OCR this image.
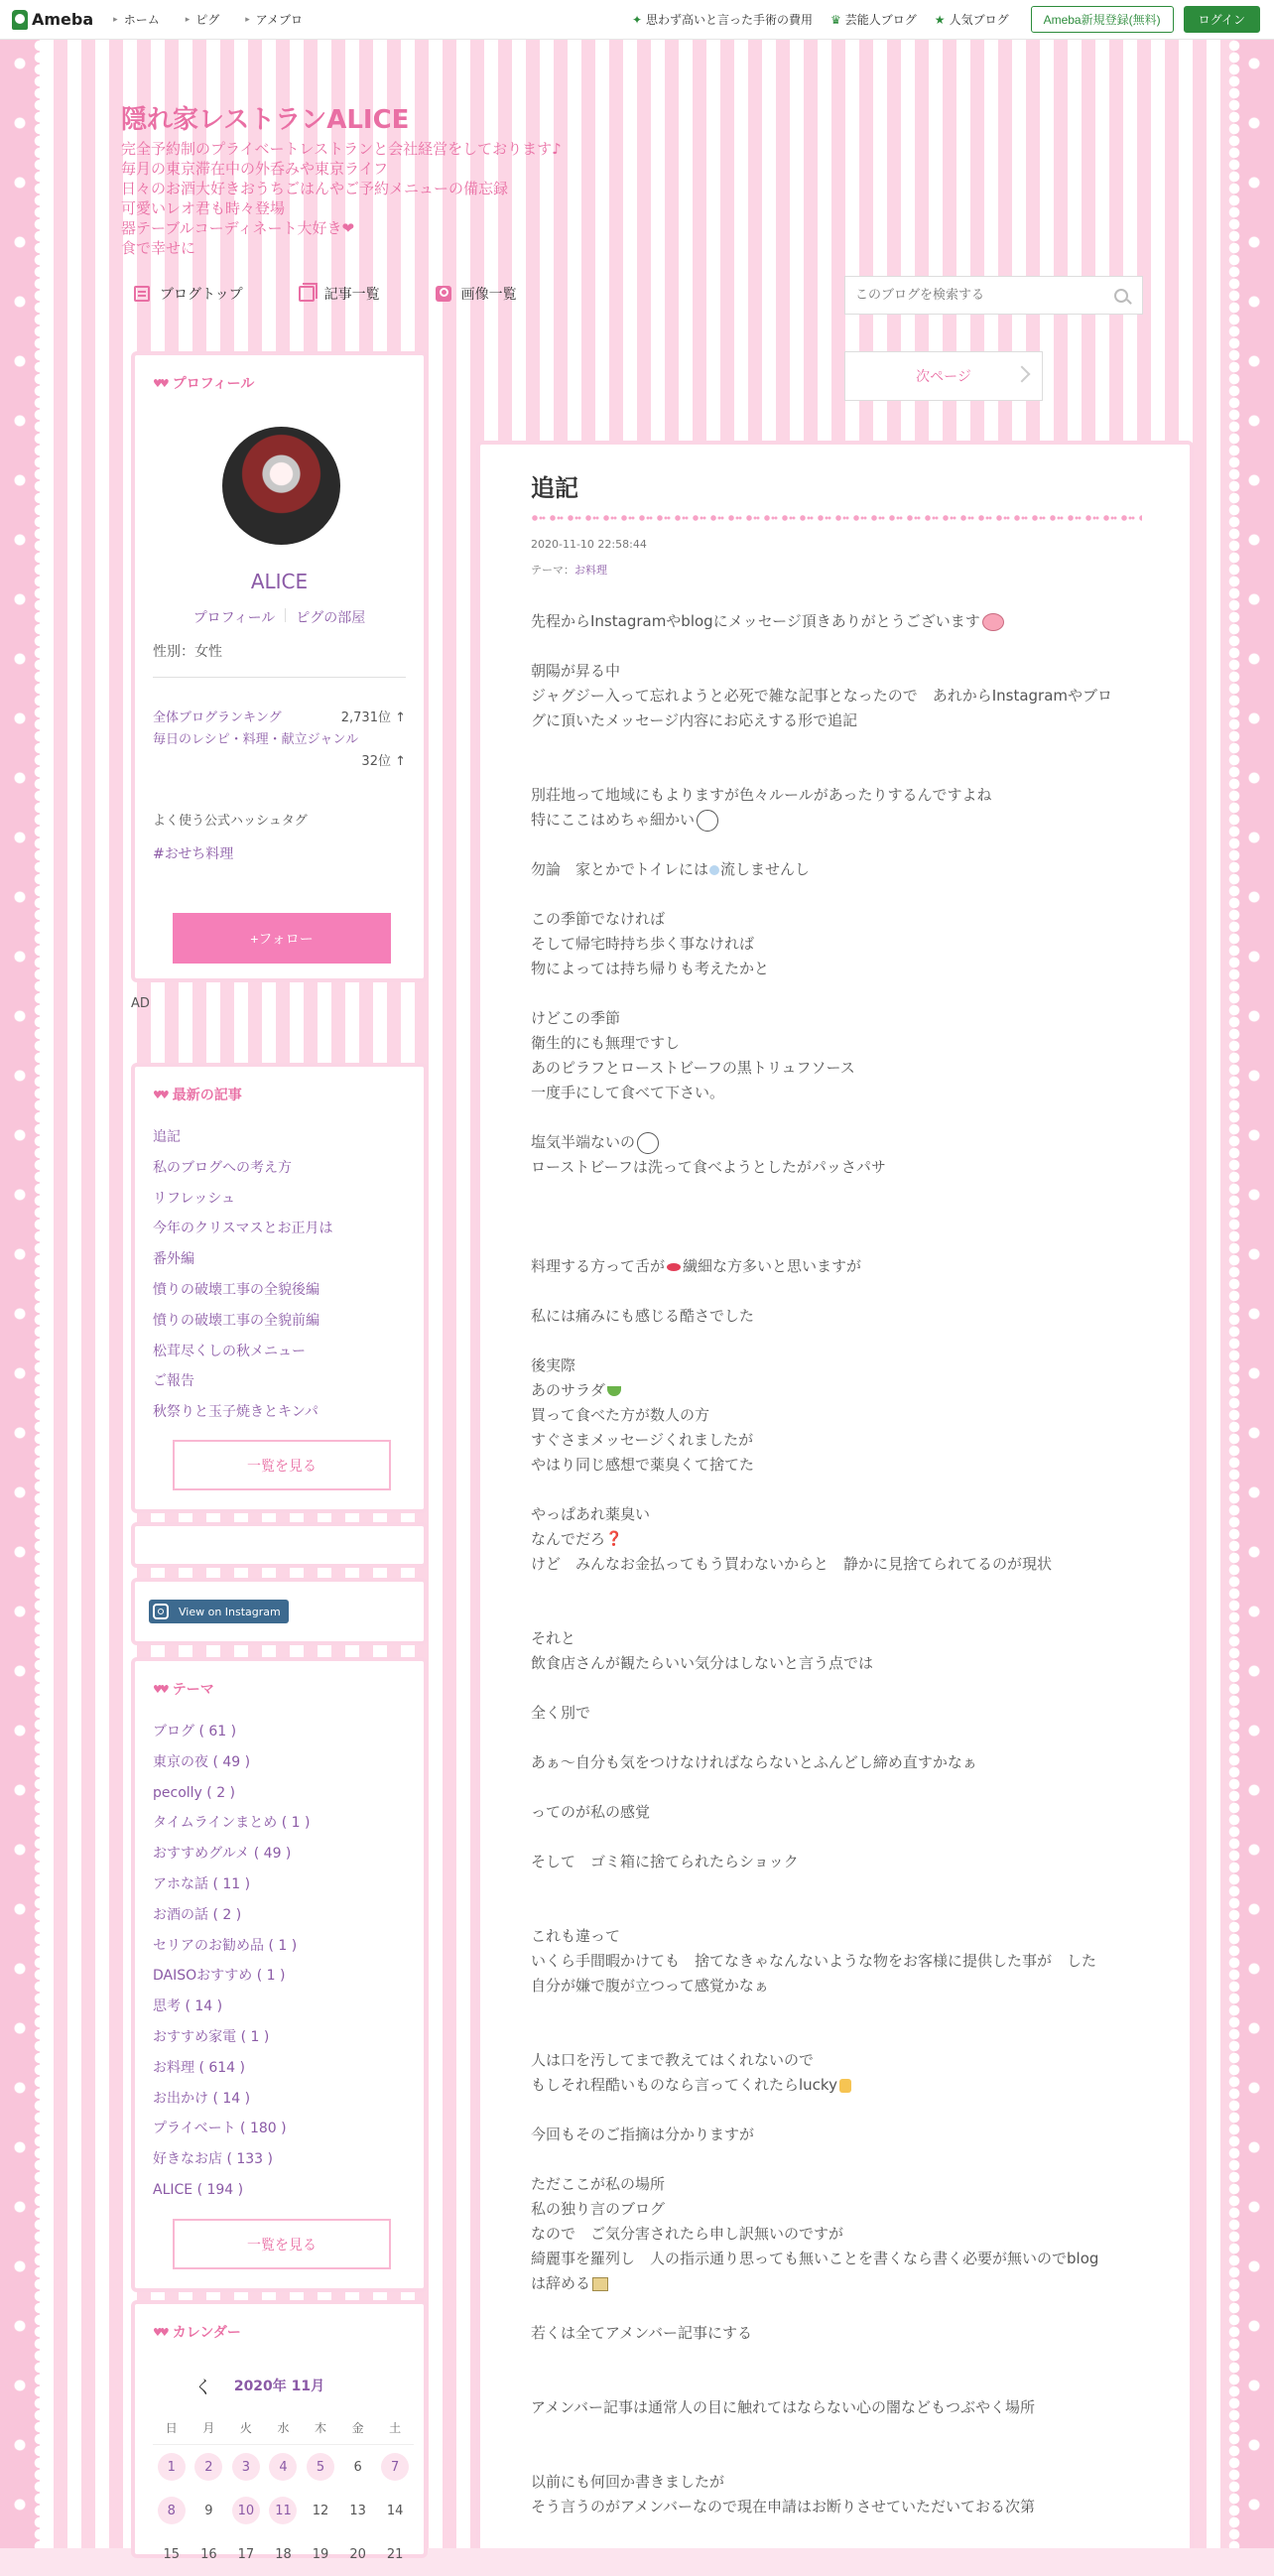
Ameba ▸ ホーム	▸ ピグ	▸ アメブロ	✦ 思わず高いと言った手術の費用 ♛ 芸能人ブログ ★ 人気ブログ	Ameba新規登録(無料)	ログイン
隠れ家レストランALICE
完全予約制のプライベートレストランと会社経営をしております♪
毎月の東京滞在中の外呑みや東京ライフ
日々のお酒大好きおうちごはんやご予約メニューの備忘録
可愛いレオ君も時々登場
器テーブルコーディネート大好き❤
食で幸せに
ブログトップ	記事一覧	画像一覧
このブログを検索する
次ページ
♥♥ プロフィール
ALICE
プロフィール ピグの部屋
性別：女性
全体ブログランキング	2,731位 ↑
毎日のレシピ・料理・献立ジャンル
32位 ↑
よく使う公式ハッシュタグ
#おせち料理
+フォロー
AD
♥♥ 最新の記事
追記
私のブログへの考え方
リフレッシュ
今年のクリスマスとお正月は
番外編
憤りの破壊工事の全貌後編
憤りの破壊工事の全貌前編
松茸尽くしの秋メニュー
ご報告
秋祭りと玉子焼きとキンパ
一覧を見る
View on Instagram
♥♥ テーマ
ブログ ( 61 )
東京の夜 ( 49 )
pecolly ( 2 )
タイムラインまとめ ( 1 )
おすすめグルメ ( 49 )
アホな話 ( 11 )
お酒の話 ( 2 )
セリアのお勧め品 ( 1 )
DAISOおすすめ ( 1 )
思考 ( 14 )
おすすめ家電 ( 1 )
お料理 ( 614 )
お出かけ ( 14 )
プライベート ( 180 )
好きなお店 ( 133 )
ALICE ( 194 )
一覧を見る
♥♥ カレンダー
く	2020年 11月
日	月	火	水	木	金	土
1	2	3	4	5	6	7
8	9	10	11	12	13	14
15	16	17	18	19	20	21
追記
2020-11-10 22:58:44
テーマ：お料理
先程からInstagramやblogにメッセージ頂きありがとうございます
朝陽が昇る中
ジャグジー入って忘れようと必死で雑な記事となったので　あれからInstagramやブロ
グに頂いたメッセージ内容にお応えする形で追記
別荘地って地域にもよりますが色々ルールがあったりするんですよね
特にここはめちゃ細かい
勿論　家とかでトイレには 流しませんし
この季節でなければ
そして帰宅時持ち歩く事なければ
物によっては持ち帰りも考えたかと
けどこの季節
衛生的にも無理ですし
あのピラフとローストビーフの黒トリュフソース
一度手にして食べて下さい。
塩気半端ないの
ローストビーフは洗って食べようとしたがパッさパサ
料理する方って舌が 繊細な方多いと思いますが
私には痛みにも感じる酷さでした
後実際
あのサラダ
買って食べた方が数人の方
すぐさまメッセージくれましたが
やはり同じ感想で薬臭くて捨てた
やっぱあれ薬臭い
なんでだろ❓
けど　みんなお金払ってもう買わないからと　静かに見捨てられてるのが現状
それと
飲食店さんが観たらいい気分はしないと言う点では
全く別で
あぁ〜自分も気をつけなければならないとふんどし締め直すかなぁ
ってのが私の感覚
そして　ゴミ箱に捨てられたらショック
これも違って
いくら手間暇かけても　捨てなきゃなんないような物をお客様に提供した事が　した
自分が嫌で腹が立つって感覚かなぁ
人は口を汚してまで教えてはくれないので
もしそれ程酷いものなら言ってくれたらlucky
今回もそのご指摘は分かりますが
ただここが私の場所
私の独り言のブログ
なので　ご気分害されたら申し訳無いのですが
綺麗事を羅列し　人の指示通り思っても無いことを書くなら書く必要が無いのでblog
は辞める
若くは全てアメンバー記事にする
アメンバー記事は通常人の目に触れてはならない心の闇などもつぶやく場所
以前にも何回か書きましたが
そう言うのがアメンバーなので現在申請はお断りさせていただいておる次第
